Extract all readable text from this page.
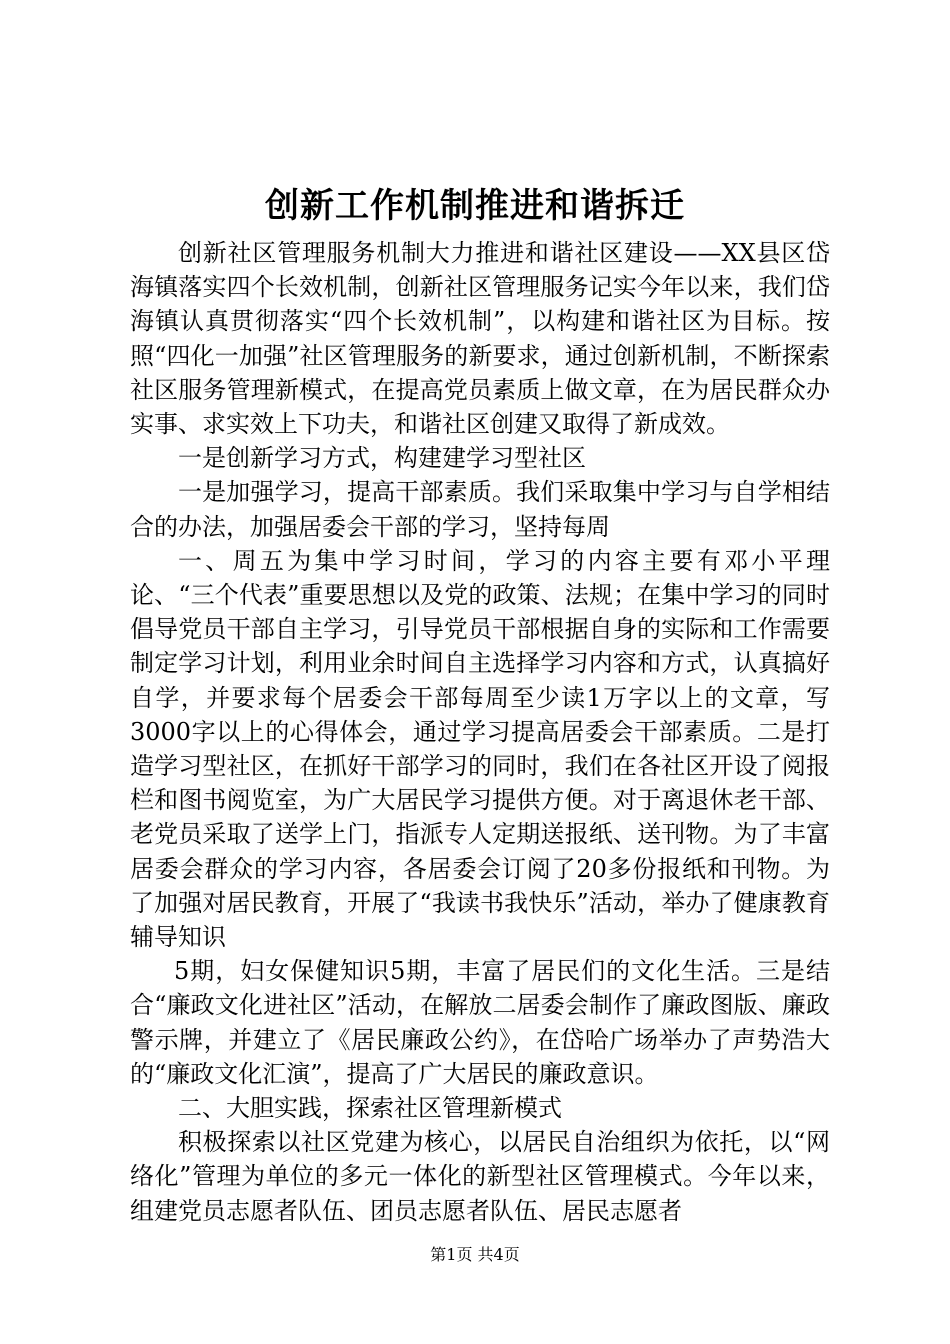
创新工作机制推进和谐拆迁

创新社区管理服务机制大力推进和谐社区建设——XX县区岱海镇落实四个长效机制，创新社区管理服务记实今年以来，我们岱海镇认真贯彻落实“四个长效机制”，以构建和谐社区为目标。按照“四化一加强”社区管理服务的新要求，通过创新机制，不断探索社区服务管理新模式，在提高党员素质上做文章，在为居民群众办实事、求实效上下功夫，和谐社区创建又取得了新成效。

一是创新学习方式，构建建学习型社区

一是加强学习，提高干部素质。我们采取集中学习与自学相结合的办法，加强居委会干部的学习，坚持每周

一、周五为集中学习时间，学习的内容主要有邓小平理论、“三个代表”重要思想以及党的政策、法规；在集中学习的同时倡导党员干部自主学习，引导党员干部根据自身的实际和工作需要制定学习计划，利用业余时间自主选择学习内容和方式，认真搞好自学，并要求每个居委会干部每周至少读1万字以上的文章，写3000字以上的心得体会，通过学习提高居委会干部素质。二是打造学习型社区，在抓好干部学习的同时，我们在各社区开设了阅报栏和图书阅览室，为广大居民学习提供方便。对于离退休老干部、老党员采取了送学上门，指派专人定期送报纸、送刊物。为了丰富居委会群众的学习内容，各居委会订阅了20多份报纸和刊物。为了加强对居民教育，开展了“我读书我快乐”活动，举办了健康教育辅导知识

5期，妇女保健知识5期，丰富了居民们的文化生活。三是结合“廉政文化进社区”活动，在解放二居委会制作了廉政图版、廉政警示牌，并建立了《居民廉政公约》，在岱哈广场举办了声势浩大的“廉政文化汇演”，提高了广大居民的廉政意识。

二、大胆实践，探索社区管理新模式

积极探索以社区党建为核心，以居民自治组织为依托，以“网络化”管理为单位的多元一体化的新型社区管理模式。今年以来，组建党员志愿者队伍、团员志愿者队伍、居民志愿者

第1页 共4页
